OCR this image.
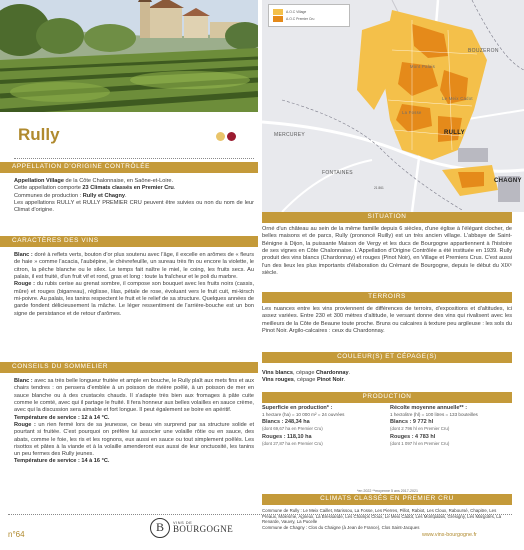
A.O.C Village
A.O.C Premier Cru
BOUZERON
MERCUREY	RULLY
FONTAINES
CHAGNY
Mont Palais
La Fosse
Le Meix Cadot
21 861
Rully
APPELLATION D'ORIGINE CONTRÔLÉE
Appellation Village de la Côte Chalonnaise, en Saône-et-Loire.
Cette appellation comporte 23 Climats classés en Premier Cru.
Communes de production : Rully et Chagny.
Les appellations RULLY et RULLY PREMIER CRU peuvent être suivies ou non du nom de leur Climat d'origine.
CARACTÈRES DES VINS
Blanc : doré à reflets verts, bouton d'or plus soutenu avec l'âge, il excelle en arômes de « fleurs de haie » comme l'acacia, l'aubépine, le chèvrefeuille, un sureau très fin ou encore la violette, le citron, la pêche blanche ou le silex. Le temps fait naître le miel, le coing, les fruits secs. Au palais, il est fruité, d'un fruit vif et rond, gras et long : toute la fraîcheur et le poli du marbre.
Rouge : du rubis cerise au grenat sombre, il compose son bouquet avec les fruits noirs (cassis, mûre) et rouges (bigarreau), réglisse, lilas, pétale de rose, évoluant vers le fruit cuit, mi-kirsch mi-poivre. Au palais, les tanins respectent le fruit et le relief de sa structure. Quelques années de garde fondent délicieusement la mâche. Le léger ressentiment de l'arrière-bouche est un bon signe de persistance et de retour d'arômes.
CONSEILS DU SOMMELIER
Blanc : avec sa très belle longueur fruitée et ample en bouche, le Rully plaît aux mets fins et aux chairs tendres : on pensera d'emblée à un poisson de rivière poêlé, à un poisson de mer en sauce blanche ou à des crustacés chauds. Il s'adapte très bien aux fromages à pâte cuite comme le comté, avec qui il partage le fruité. Il fera honneur aux belles volailles en sauce crème, avec qui la discussion sera aimable et fort longue. Il peut également se boire en apéritif.
Température de service : 12 à 14 °C.
Rouge : un rien fermé lors de sa jeunesse, ce beau vin surprend par sa structure solide et pourtant si fruitée. C'est pourquoi on préfère lui associer une volaille rôtie ou en sauce, des abats, comme le foie, les ris et les rognons, eux aussi en sauce ou tout simplement poêlés. Les risottos et pâtes à la viande et à la volaille amenderont eux aussi de leur onctuosité, les tanins un peu fermes des Rully jeunes.
Température de service : 14 à 16 °C.
SITUATION
Orné d'un château au sein de la même famille depuis 6 siècles, d'une église à l'élégant clocher, de belles maisons et de parcs, Rully (prononcé Ruilly) est un très ancien village. L'abbaye de Saint-Bénigne à Dijon, la puissante Maison de Vergy et les ducs de Bourgogne appartiennent à l'histoire de ses vignes en Côte Chalonnaise. L'Appellation d'Origine Contrôlée a été instituée en 1939. Rully produit des vins blancs (Chardonnay) et rouges (Pinot Noir), en Village et Premiers Crus. C'est aussi l'un des lieux les plus importants d'élaboration du Crémant de Bourgogne, depuis le début du XIXᵉ siècle.
TERROIRS
Les nuances entre les vins proviennent de différences de terroirs, d'expositions et d'altitudes, ici assez variées. Entre 230 et 300 mètres d'altitude, le versant donne des vins qui rivalisent avec les meilleurs de la Côte de Beaune toute proche. Bruns ou calcaires à texture peu argileuse : les sols du Pinot Noir. Argilo-calcaires : ceux du Chardonnay.
COULEUR(S) ET CÉPAGE(S)
Vins blancs, cépage Chardonnay.
Vins rouges, cépage Pinot Noir.
PRODUCTION
Superficie en production* :
1 hectare (ha) = 10 000 m² = 24 ouvrées
Blancs : 248,34 ha
(dont 69,67 ha en Premier Cru)
Rouges : 118,10 ha
(dont 27,87 ha en Premier Cru)
Récolte moyenne annuelle** :
1 hectolitre (hl) = 100 litres = 133 bouteilles
Blancs : 9 772 hl
(dont 2 796 hl en Premier Cru)
Rouges : 4 783 hl
(dont 1 097 hl en Premier Cru)
*en 2022 **moyenne 5 ans 2017-2021
CLIMATS CLASSÉS EN PREMIER CRU
Commune de Rully : Le Meix Caillet, Marissou, La Fosse, Les Pierres, Pillot, Rabiot, Les Cloux, Raboursé, Chapitre, Les Préaux, Molesme, Agneux, La Bressande, Les Champs Cloux, Le Meix Cadot, Les Montpalais, Grésigny, Les Margotés, La Renarde, Vauvry, La Pucelle
Commune de Chagny : Clos du Chaigne (à Jean de France), Clos Saint-Jacques
n°64
B	VINS DE
BOURGOGNE
www.vins-bourgogne.fr
